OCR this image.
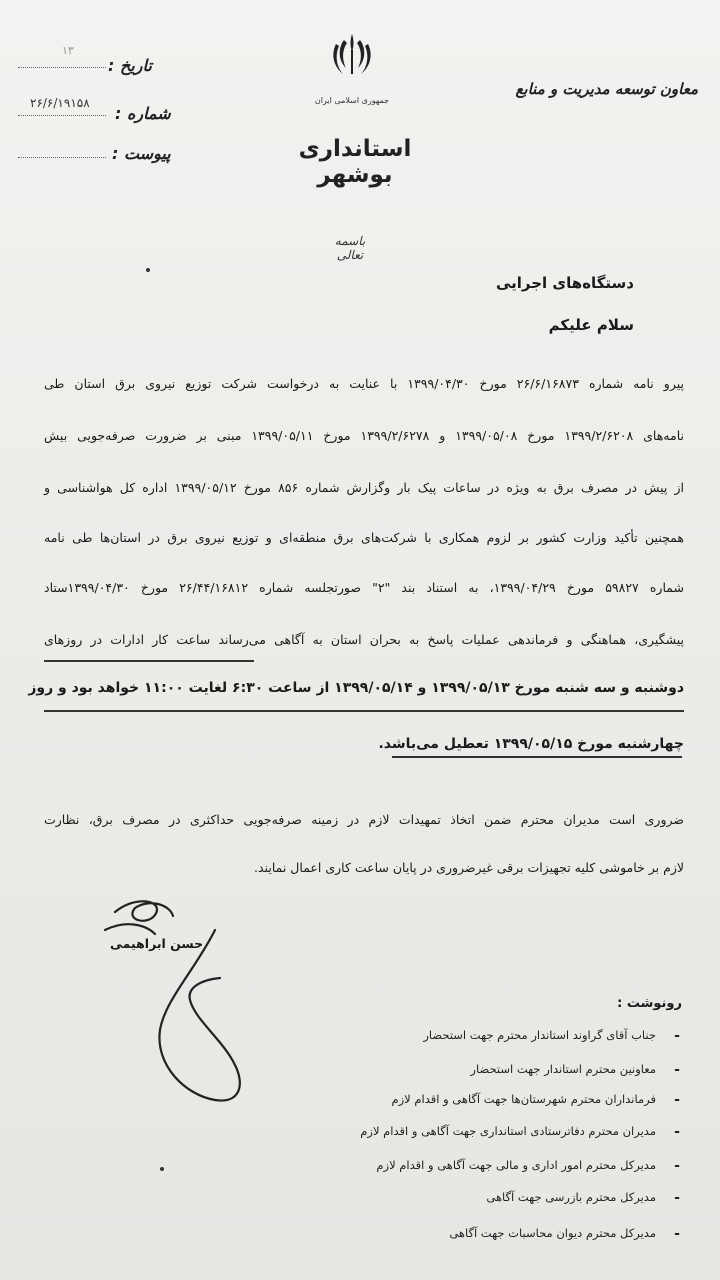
معاون توسعه مدیریت و منابع
جمهوری اسلامی ایران
استانداری بوشهر
تاریخ :
شماره :
پیوست :
۱۳
۲۶/۶/۱۹۱۵۸
باسمه تعالی
دستگاه‌های اجرایی
سلام علیکم
پیرو نامه شماره ۲۶/۶/۱۶۸۷۳ مورخ ۱۳۹۹/۰۴/۳۰ با عنایت به درخواست شرکت توزیع نیروی برق استان طی
نامه‌های ۱۳۹۹/۲/۶۲۰۸ مورخ ۱۳۹۹/۰۵/۰۸ و ۱۳۹۹/۲/۶۲۷۸ مورخ ۱۳۹۹/۰۵/۱۱ مبنی بر ضرورت صرفه‌جویی بیش
از پیش در مصرف برق به ویژه در ساعات پیک بار وگزارش شماره ۸۵۶ مورخ ۱۳۹۹/۰۵/۱۲ اداره کل هواشناسی و
همچنین تأکید وزارت کشور بر لزوم همکاری با شرکت‌های برق منطقه‌ای و توزیع نیروی برق در استان‌ها طی نامه
شماره ۵۹۸۲۷ مورخ ۱۳۹۹/۰۴/۲۹، به استناد بند "۲" صورتجلسه شماره ۲۶/۴۴/۱۶۸۱۲ مورخ ۱۳۹۹/۰۴/۳۰ستاد
پیشگیری، هماهنگی و فرماندهی عملیات پاسخ به بحران استان به آگاهی می‌رساند ساعت کار ادارات در روزهای
دوشنبه و سه شنبه مورخ ۱۳۹۹/۰۵/۱۳ و ۱۳۹۹/۰۵/۱۴ از ساعت ۶:۳۰ لغایت ۱۱:۰۰ خواهد بود و روز
چهارشنبه مورخ ۱۳۹۹/۰۵/۱۵ تعطیل می‌باشد.
ضروری است مدیران محترم ضمن اتخاذ تمهیدات لازم در زمینه صرفه‌جویی حداکثری در مصرف برق، نظارت
لازم بر خاموشی کلیه تجهیزات برقی غیرضروری در پایان ساعت کاری اعمال نمایند.
حسن ابراهیمی
رونوشت :
-
جناب آقای گراوند استاندار محترم جهت استحضار
-
معاونین محترم استاندار جهت استحضار
-
فرمانداران محترم شهرستان‌ها جهت آگاهی و اقدام لازم
-
مدیران محترم دفاترستادی استانداری جهت آگاهی و اقدام لازم
-
مدیرکل محترم امور اداری و مالی جهت آگاهی و اقدام لازم
-
مدیرکل محترم بازرسی جهت آگاهی
-
مدیرکل محترم دیوان محاسبات جهت آگاهی
